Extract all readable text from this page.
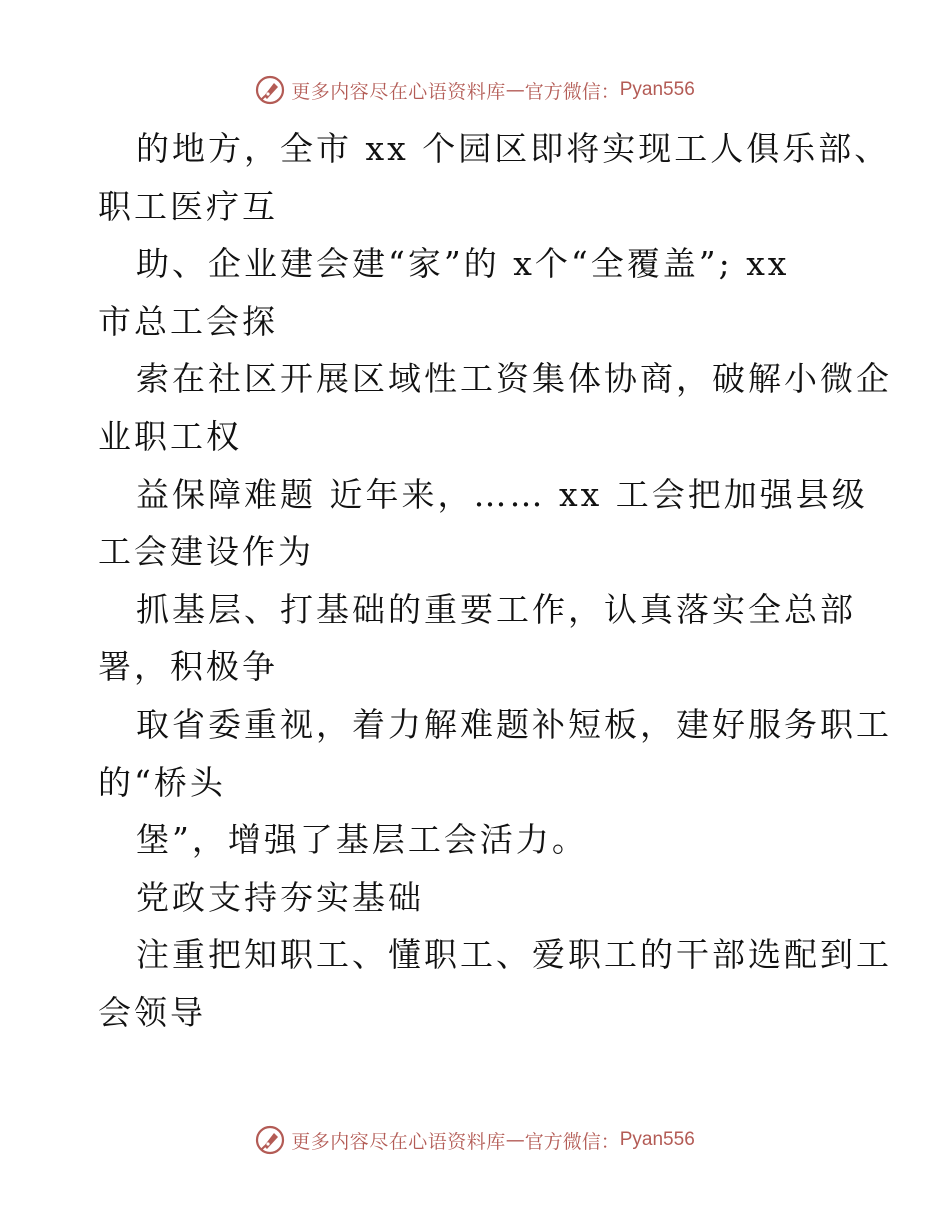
更多内容尽在心语资料库 — 官方微信： Pyan556
的地方，全市 xx 个园区即将实现工人俱乐部、
职工医疗互
助、企业建会建“家”的 x个“全覆盖”; xx
市总工会探
索在社区开展区域性工资集体协商，破解小微企
业职工权
益保障难题 近年来，…… xx 工会把加强县级
工会建设作为
抓基层、打基础的重要工作，认真落实全总部
署，积极争
取省委重视，着力解难题补短板，建好服务职工
的“桥头
堡”，增强了基层工会活力。
党政支持夯实基础
注重把知职工、懂职工、爱职工的干部选配到工
会领导
更多内容尽在心语资料库 — 官方微信： Pyan556
